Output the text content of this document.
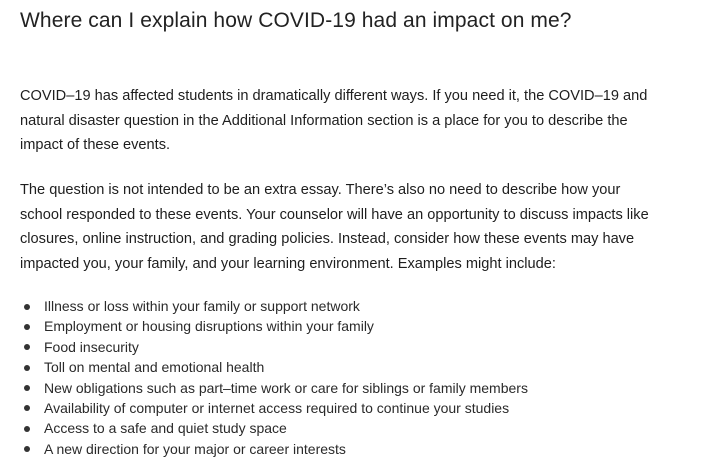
Where can I explain how COVID-19 had an impact on me?

COVID–19 has affected students in dramatically different ways. If you need it, the COVID–19 and
natural disaster question in the Additional Information section is a place for you to describe the
impact of these events.

The question is not intended to be an extra essay. There’s also no need to describe how your
school responded to these events. Your counselor will have an opportunity to discuss impacts like
closures, online instruction, and grading policies. Instead, consider how these events may have
impacted you, your family, and your learning environment. Examples might include:

Illness or loss within your family or support network
Employment or housing disruptions within your family
Food insecurity
Toll on mental and emotional health
New obligations such as part–time work or care for siblings or family members
Availability of computer or internet access required to continue your studies
Access to a safe and quiet study space
A new direction for your major or career interests
